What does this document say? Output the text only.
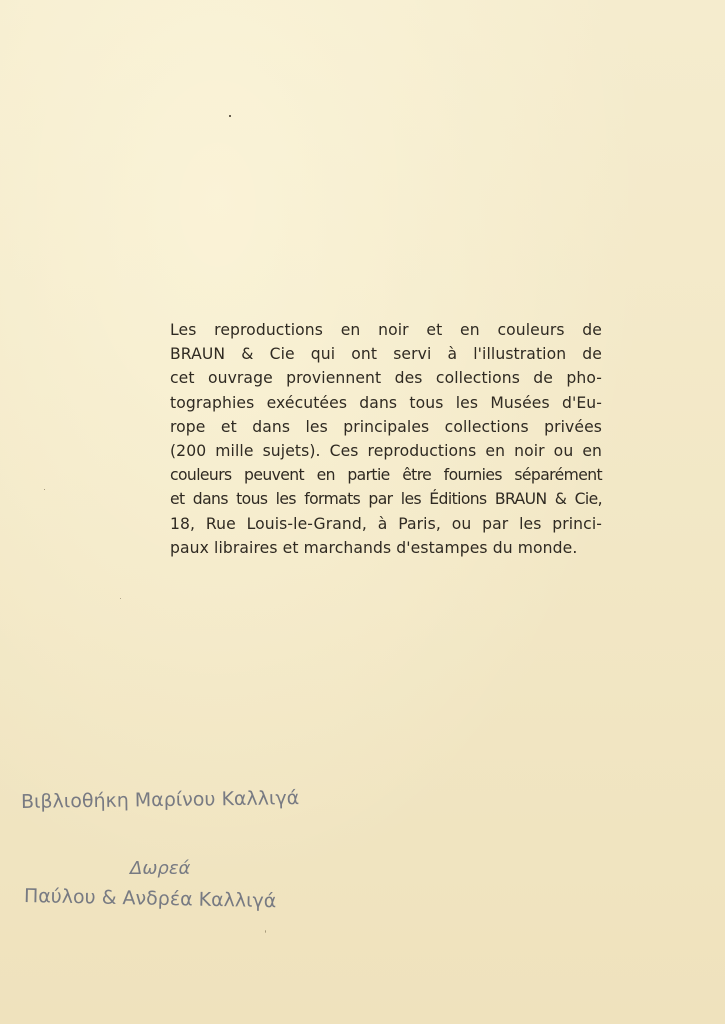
Les reproductions en noir et en couleurs de
BRAUN & Cie qui ont servi à l'illustration de
cet ouvrage proviennent des collections de pho-
tographies exécutées dans tous les Musées d'Eu-
rope et dans les principales collections privées
(200 mille sujets). Ces reproductions en noir ou en
couleurs peuvent en partie être fournies séparément
et dans tous les formats par les Éditions BRAUN & Cie,
18, Rue Louis-le-Grand, à Paris, ou par les princi-
paux libraires et marchands d'estampes du monde.
Βιβλιοθήκη Μαρίνου Καλλιγά
Δωρεά
Παύλου & Ανδρέα Καλλιγά
